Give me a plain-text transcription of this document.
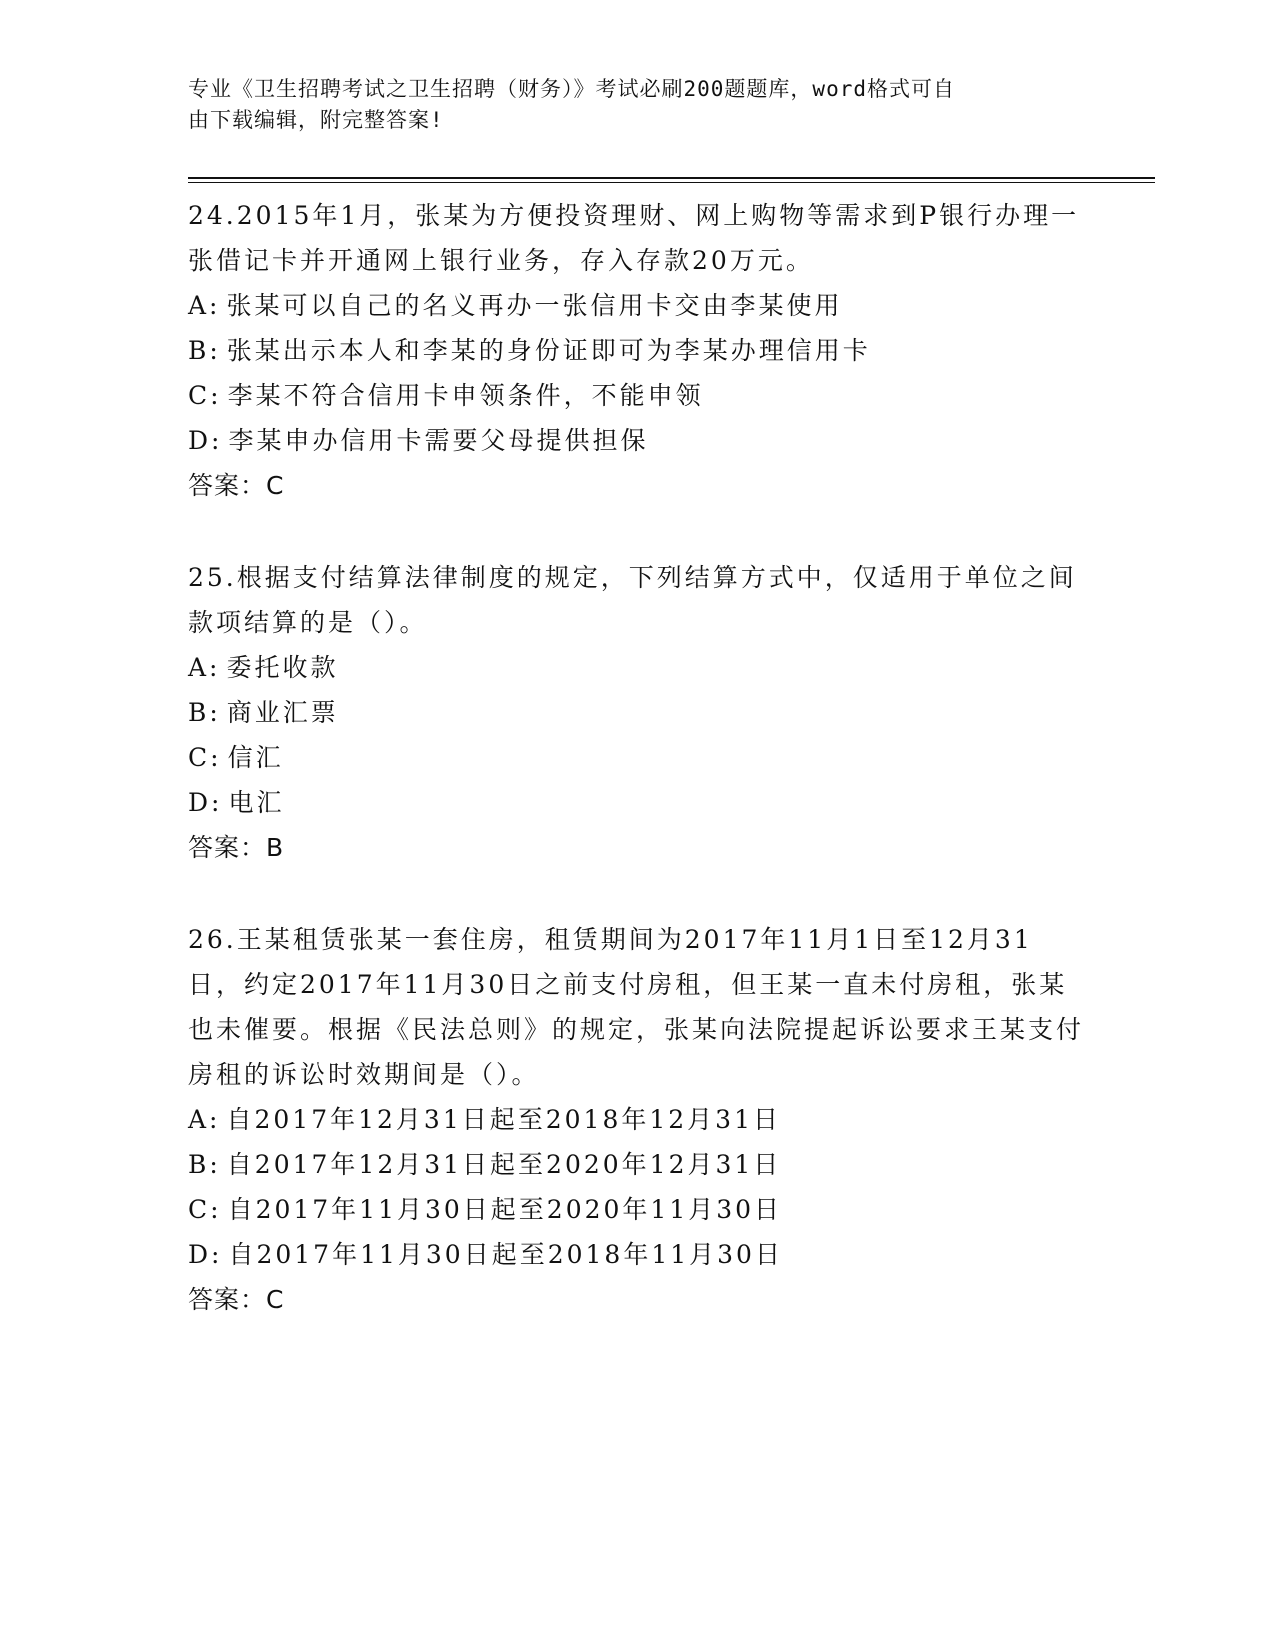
专业《卫生招聘考试之卫生招聘（财务）》考试必刷200题题库，word格式可自
由下载编辑，附完整答案!
24.2015年1月，张某为方便投资理财、网上购物等需求到P银行办理一张借记卡并开通网上银行业务，存入存款20万元。
A: 张某可以自己的名义再办一张信用卡交由李某使用
B: 张某出示本人和李某的身份证即可为李某办理信用卡
C: 李某不符合信用卡申领条件，不能申领
D: 李某申办信用卡需要父母提供担保
答案：C
25.根据支付结算法律制度的规定，下列结算方式中，仅适用于单位之间款项结算的是（）。
A: 委托收款
B: 商业汇票
C: 信汇
D: 电汇
答案：B
26.王某租赁张某一套住房，租赁期间为2017年11月1日至12月31日，约定2017年11月30日之前支付房租，但王某一直未付房租，张某也未催要。根据《民法总则》的规定，张某向法院提起诉讼要求王某支付房租的诉讼时效期间是（）。
A: 自2017年12月31日起至2018年12月31日
B: 自2017年12月31日起至2020年12月31日
C: 自2017年11月30日起至2020年11月30日
D: 自2017年11月30日起至2018年11月30日
答案：C
